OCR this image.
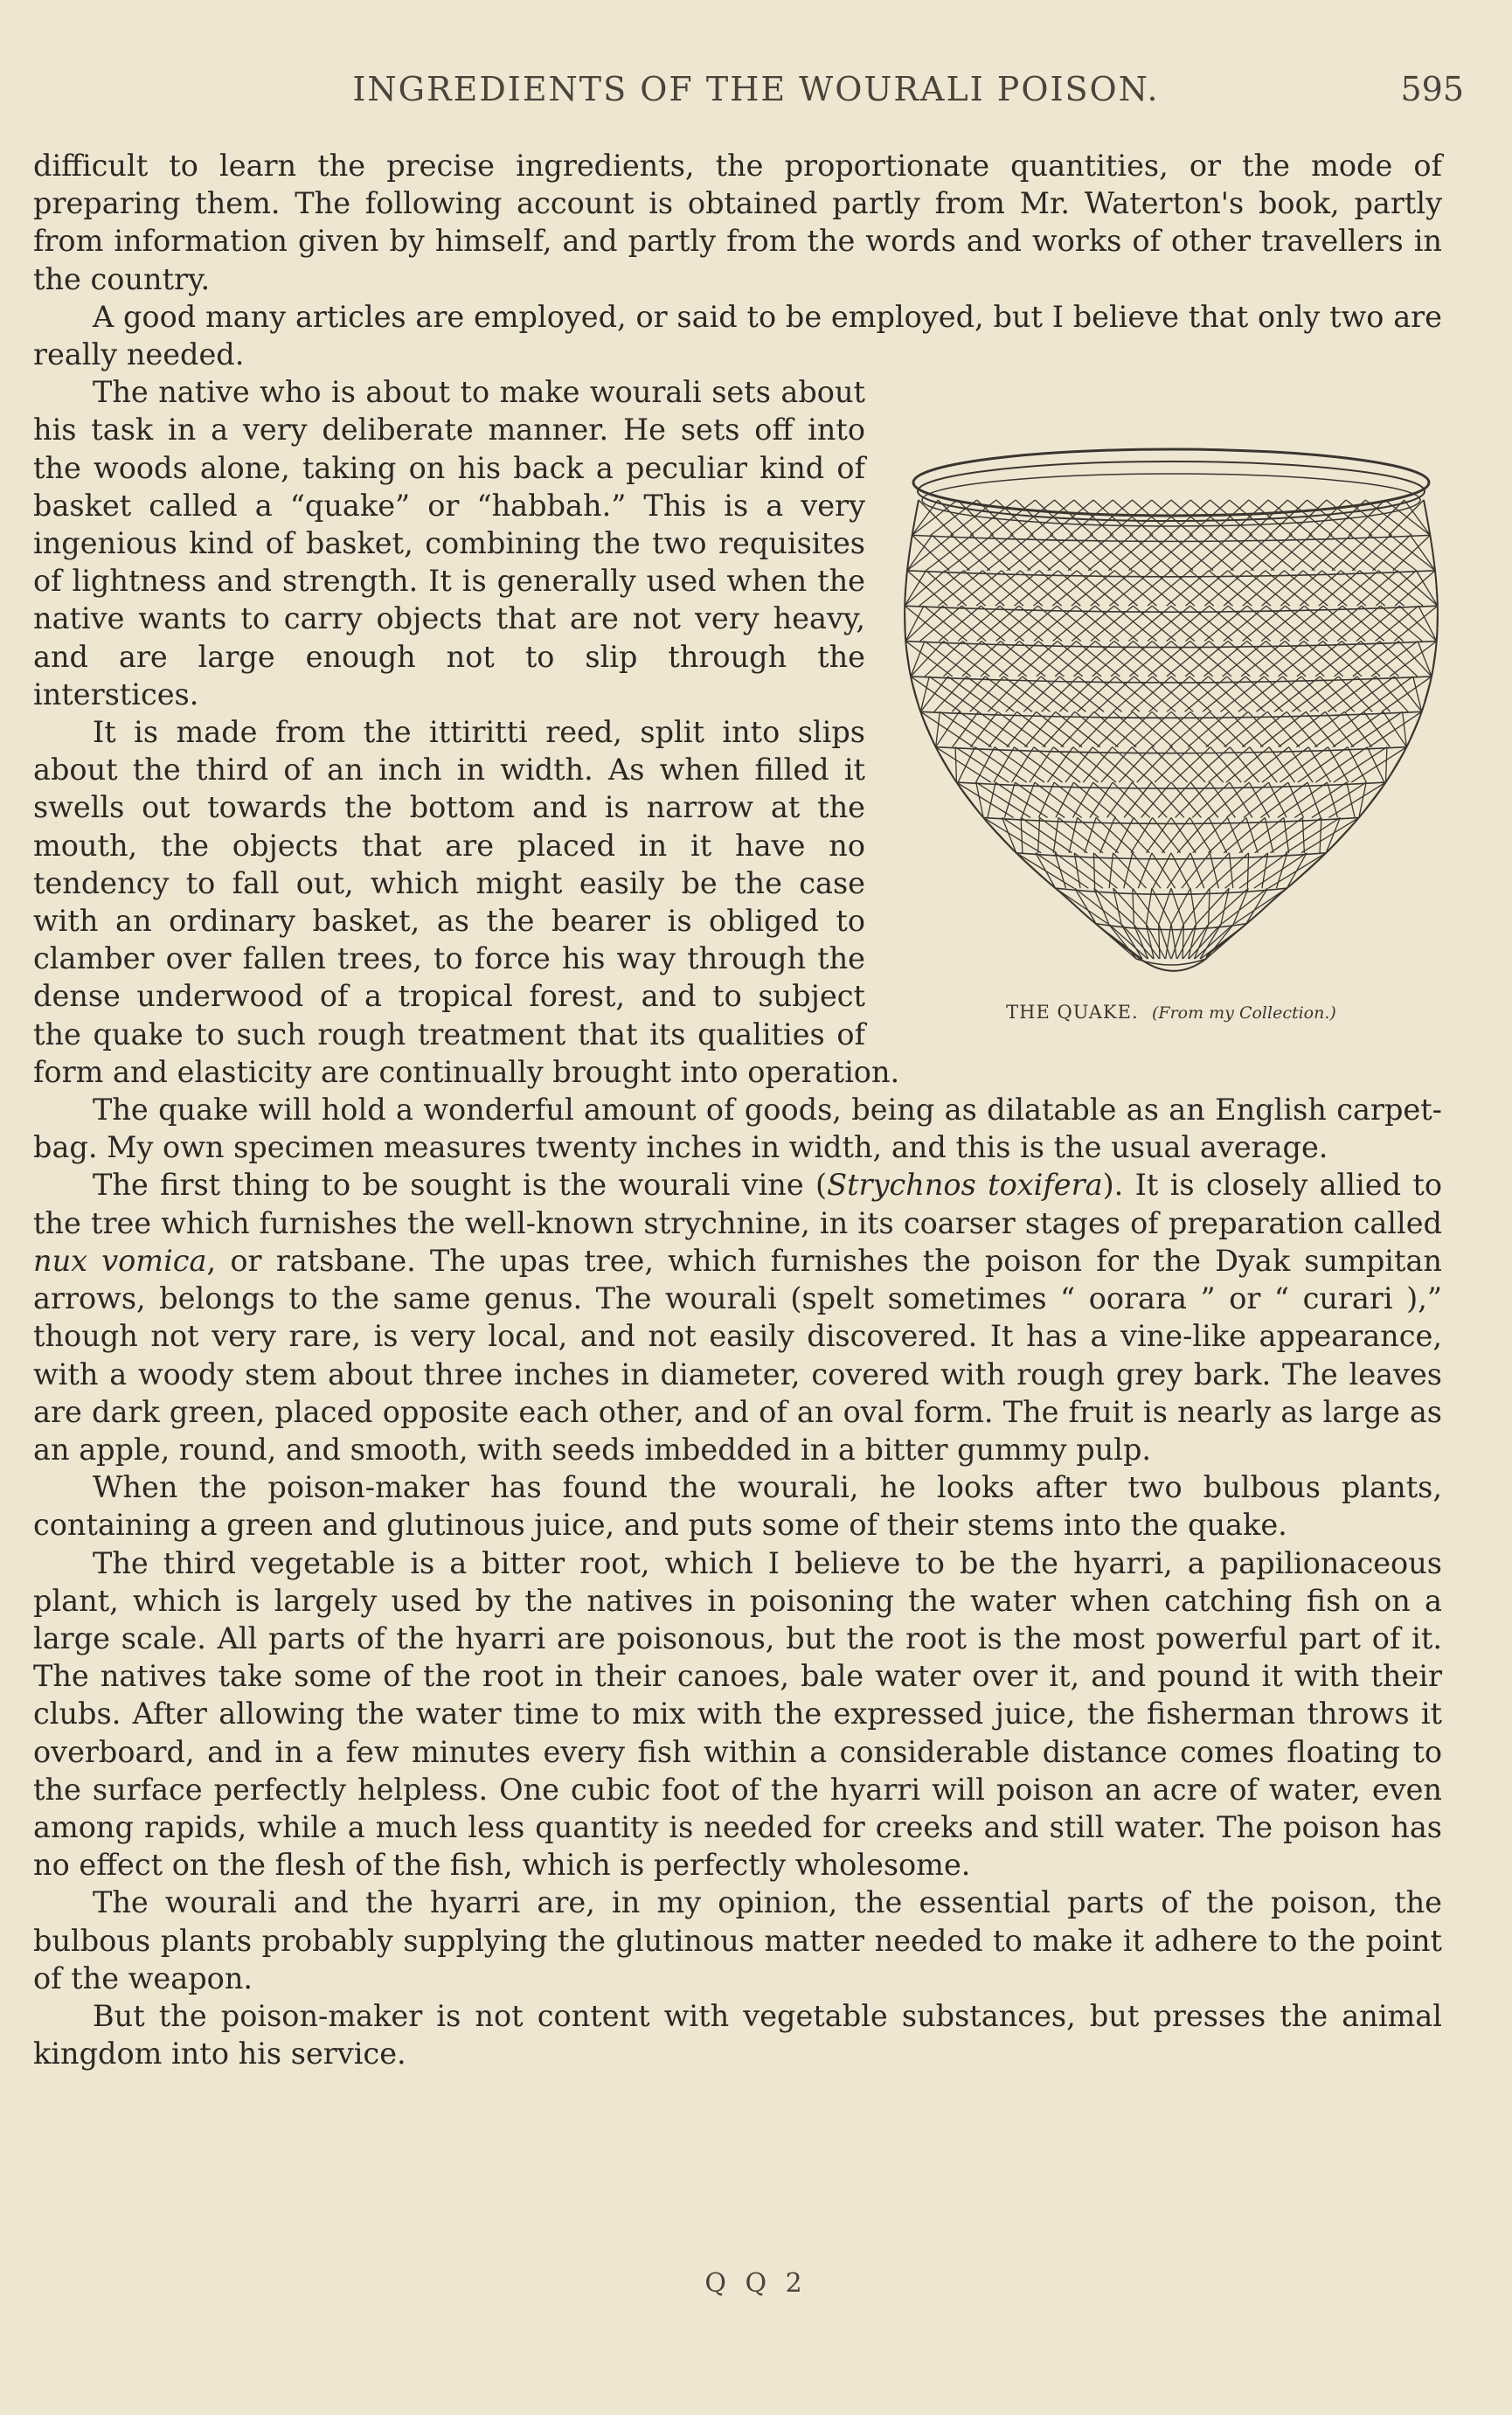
INGREDIENTS OF THE WOURALI POISON.	595

difficult to learn the precise ingredients, the proportionate quantities, or the mode of preparing them. The following account is obtained partly from Mr. Waterton's book, partly from information given by himself, and partly from the words and works of other travellers in the country.

A good many articles are employed, or said to be employed, but I believe that only two are really needed.

THE QUAKE. (From my Collection.)

The native who is about to make wourali sets about his task in a very deliberate manner. He sets off into the woods alone, taking on his back a peculiar kind of basket called a “quake” or “habbah.” This is a very ingenious kind of basket, combining the two requisites of lightness and strength. It is generally used when the native wants to carry objects that are not very heavy, and are large enough not to slip through the interstices.

It is made from the ittiritti reed, split into slips about the third of an inch in width. As when filled it swells out towards the bottom and is narrow at the mouth, the objects that are placed in it have no tendency to fall out, which might easily be the case with an ordinary basket, as the bearer is obliged to clamber over fallen trees, to force his way through the dense underwood of a tropical forest, and to subject the quake to such rough treatment that its qualities of form and elasticity are continually brought into operation.

The quake will hold a wonderful amount of goods, being as dilatable as an English carpet-bag. My own specimen measures twenty inches in width, and this is the usual average.

The first thing to be sought is the wourali vine (Strychnos toxifera). It is closely allied to the tree which furnishes the well-known strychnine, in its coarser stages of preparation called nux vomica, or ratsbane. The upas tree, which furnishes the poison for the Dyak sumpitan arrows, belongs to the same genus. The wourali (spelt sometimes “ oorara ” or “ curari ),” though not very rare, is very local, and not easily discovered. It has a vine-like appearance, with a woody stem about three inches in diameter, covered with rough grey bark. The leaves are dark green, placed opposite each other, and of an oval form. The fruit is nearly as large as an apple, round, and smooth, with seeds imbedded in a bitter gummy pulp.

When the poison-maker has found the wourali, he looks after two bulbous plants, containing a green and glutinous juice, and puts some of their stems into the quake.

The third vegetable is a bitter root, which I believe to be the hyarri, a papilionaceous plant, which is largely used by the natives in poisoning the water when catching fish on a large scale. All parts of the hyarri are poisonous, but the root is the most powerful part of it. The natives take some of the root in their canoes, bale water over it, and pound it with their clubs. After allowing the water time to mix with the expressed juice, the fisherman throws it overboard, and in a few minutes every fish within a considerable distance comes floating to the surface perfectly helpless. One cubic foot of the hyarri will poison an acre of water, even among rapids, while a much less quantity is needed for creeks and still water. The poison has no effect on the flesh of the fish, which is perfectly wholesome.

The wourali and the hyarri are, in my opinion, the essential parts of the poison, the bulbous plants probably supplying the glutinous matter needed to make it adhere to the point of the weapon.

But the poison-maker is not content with vegetable substances, but presses the animal kingdom into his service.

Q Q 2
